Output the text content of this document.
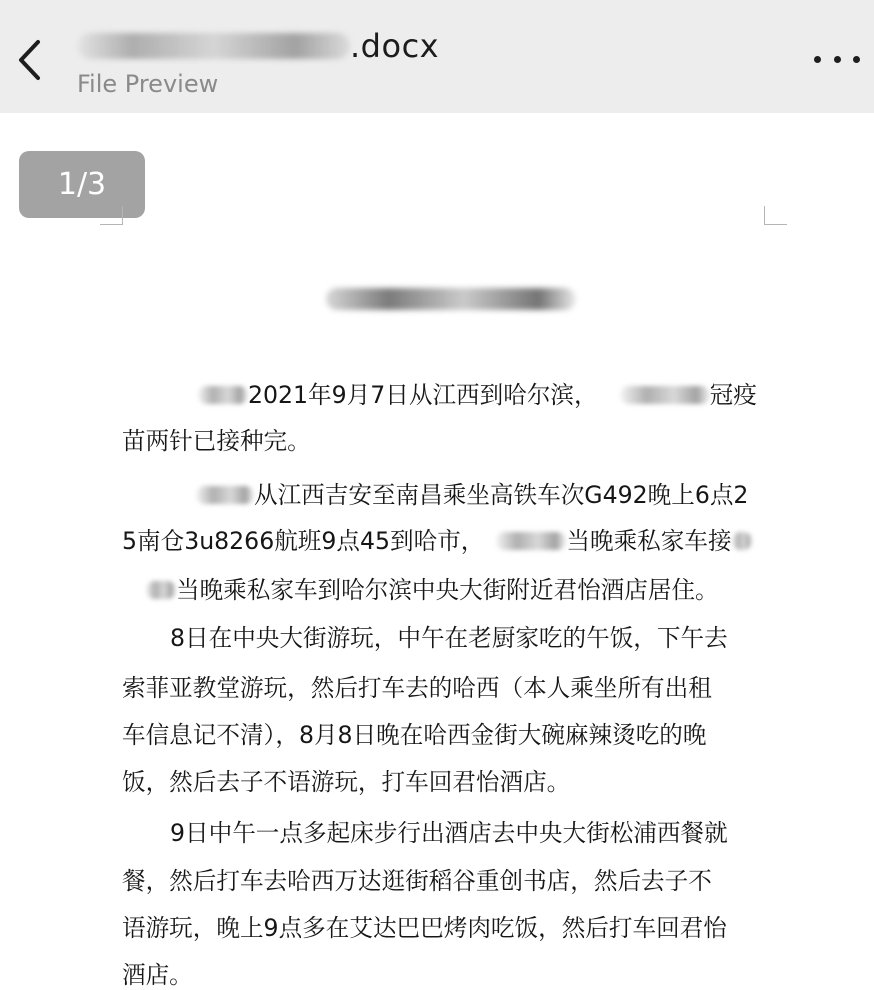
.docx
File Preview
1/3
2021年9月7日从江西到哈尔滨，	冠疫
苗两针已接种完。
从江西吉安至南昌乘坐高铁车次G492晚上6点2
5南仓3u8266航班9点45到哈市，	当晚乘私家车接
当晚乘私家车到哈尔滨中央大街附近君怡酒店居住。
8日在中央大街游玩，中午在老厨家吃的午饭，下午去
索菲亚教堂游玩，然后打车去的哈西（本人乘坐所有出租
车信息记不清），8月8日晚在哈西金街大碗麻辣烫吃的晚
饭，然后去子不语游玩，打车回君怡酒店。
9日中午一点多起床步行出酒店去中央大街松浦西餐就
餐，然后打车去哈西万达逛街稻谷重创书店，然后去子不
语游玩，晚上9点多在艾达巴巴烤肉吃饭，然后打车回君怡
酒店。
